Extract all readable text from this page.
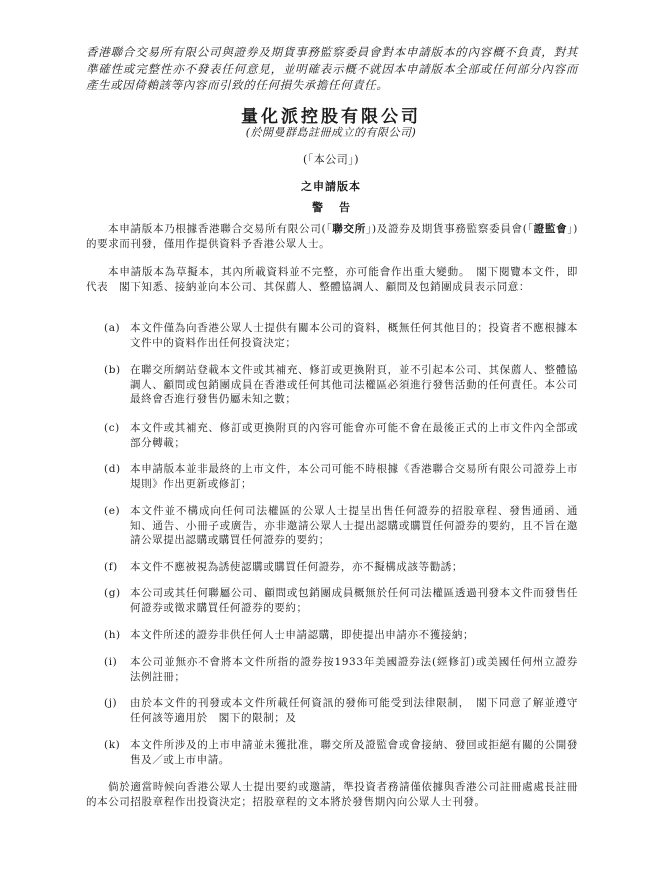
香港聯合交易所有限公司與證券及期貨事務監察委員會對本申請版本的內容概不負責，對其準確性或完整性亦不發表任何意見，並明確表示概不就因本申請版本全部或任何部分內容而產生或因倚賴該等內容而引致的任何損失承擔任何責任。
量化派控股有限公司
(於開曼群島註冊成立的有限公司)
(「本公司」)
之申請版本
警告
本申請版本乃根據香港聯合交易所有限公司(「聯交所」)及證券及期貨事務監察委員會(「證監會」)的要求而刊發，僅用作提供資料予香港公眾人士。
本申請版本為草擬本，其內所載資料並不完整，亦可能會作出重大變動。　閣下閱覽本文件，即代表　閣下知悉、接納並向本公司、其保薦人、整體協調人、顧問及包銷團成員表示同意：
(a) 本文件僅為向香港公眾人士提供有關本公司的資料，概無任何其他目的；投資者不應根據本文件中的資料作出任何投資決定；
(b) 在聯交所網站登載本文件或其補充、修訂或更換附頁，並不引起本公司、其保薦人、整體協調人、顧問或包銷團成員在香港或任何其他司法權區必須進行發售活動的任何責任。本公司最終會否進行發售仍屬未知之數；
(c) 本文件或其補充、修訂或更換附頁的內容可能會亦可能不會在最後正式的上市文件內全部或部分轉載；
(d) 本申請版本並非最終的上市文件，本公司可能不時根據《香港聯合交易所有限公司證券上市規則》作出更新或修訂；
(e) 本文件並不構成向任何司法權區的公眾人士提呈出售任何證券的招股章程、發售通函、通知、通告、小冊子或廣告，亦非邀請公眾人士提出認購或購買任何證券的要約，且不旨在邀請公眾提出認購或購買任何證券的要約；
(f) 本文件不應被視為誘使認購或購買任何證券，亦不擬構成該等勸誘；
(g) 本公司或其任何聯屬公司、顧問或包銷團成員概無於任何司法權區透過刊發本文件而發售任何證券或徵求購買任何證券的要約；
(h) 本文件所述的證券非供任何人士申請認購，即使提出申請亦不獲接納；
(i) 本公司並無亦不會將本文件所指的證券按1933年美國證券法(經修訂)或美國任何州立證券法例註冊；
(j) 由於本文件的刊發或本文件所載任何資訊的發佈可能受到法律限制，　閣下同意了解並遵守任何該等適用於　閣下的限制；及
(k) 本文件所涉及的上市申請並未獲批准，聯交所及證監會或會接納、發回或拒絕有關的公開發售及／或上市申請。
倘於適當時候向香港公眾人士提出要約或邀請，準投資者務請僅依據與香港公司註冊處處長註冊的本公司招股章程作出投資決定；招股章程的文本將於發售期內向公眾人士刊發。
